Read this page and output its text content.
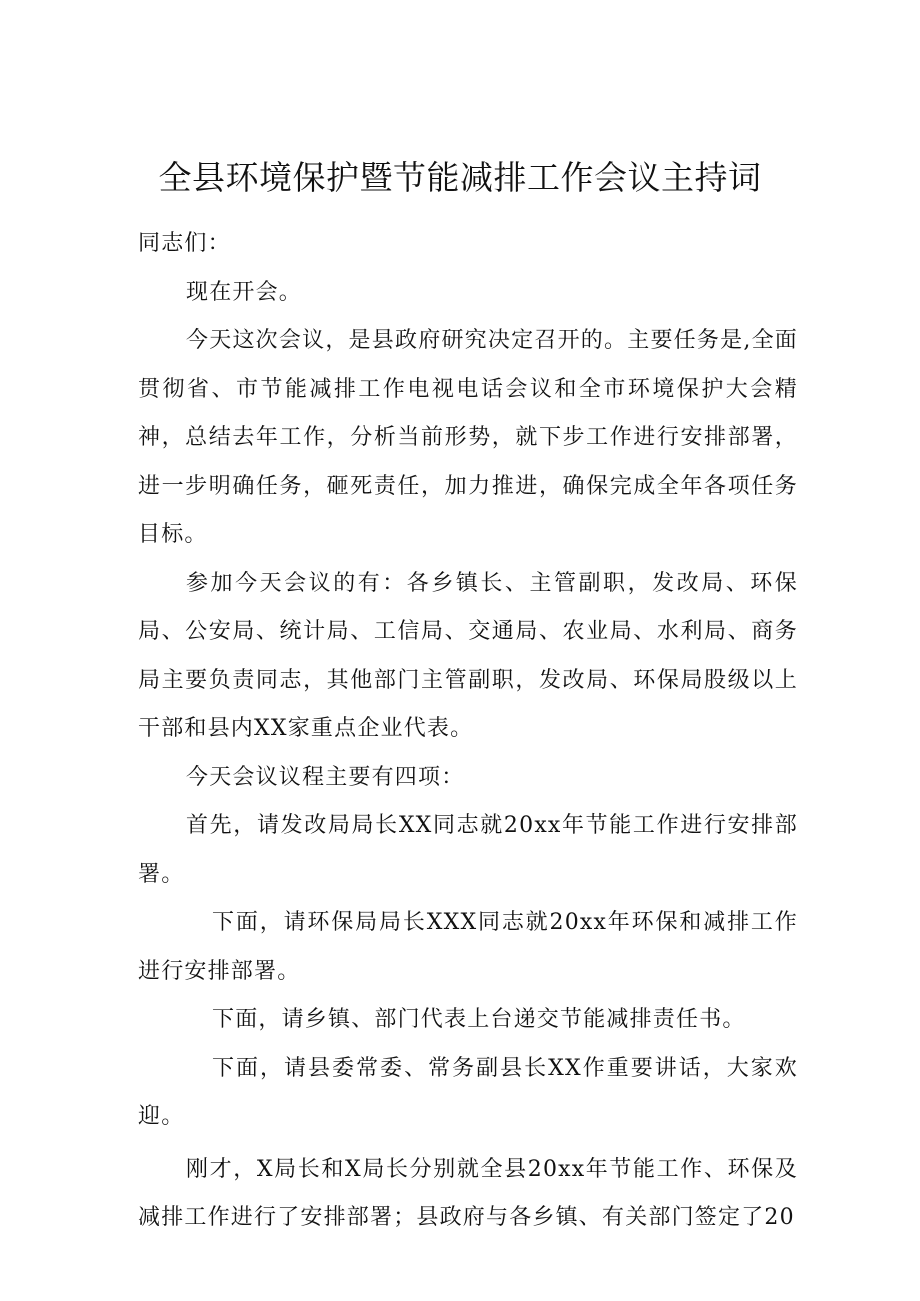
全县环境保护暨节能减排工作会议主持词

同志们：

现在开会。

今天这次会议，是县政府研究决定召开的。主要任务是,全面贯彻省、市节能减排工作电视电话会议和全市环境保护大会精神，总结去年工作，分析当前形势，就下步工作进行安排部署，进一步明确任务，砸死责任，加力推进，确保完成全年各项任务目标。

参加今天会议的有：各乡镇长、主管副职，发改局、环保局、公安局、统计局、工信局、交通局、农业局、水利局、商务局主要负责同志，其他部门主管副职，发改局、环保局股级以上干部和县内XX家重点企业代表。

今天会议议程主要有四项：

首先，请发改局局长XX同志就20xx年节能工作进行安排部署。

下面，请环保局局长XXX同志就20xx年环保和减排工作进行安排部署。

下面，请乡镇、部门代表上台递交节能减排责任书。

下面，请县委常委、常务副县长XX作重要讲话，大家欢迎。

刚才，X局长和X局长分别就全县20xx年节能工作、环保及减排工作进行了安排部署；县政府与各乡镇、有关部门签定了20
